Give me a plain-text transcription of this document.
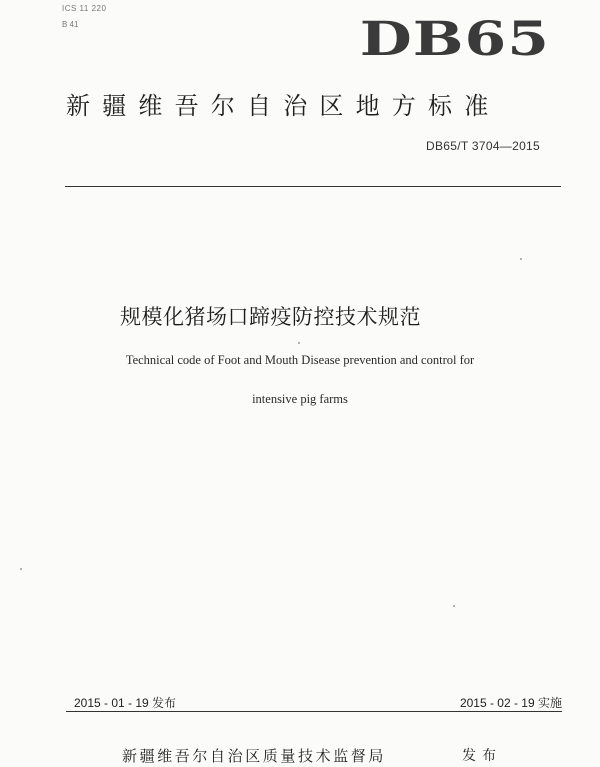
ICS 11 220
B 41	DB65
新疆维吾尔自治区地方标准
DB65/T 3704—2015
规模化猪场口蹄疫防控技术规范
Technical code of Foot and Mouth Disease prevention and control for
intensive pig farms
2015 - 01 - 19 发布	2015 - 02 - 19 实施
新疆维吾尔自治区质量技术监督局	发布
